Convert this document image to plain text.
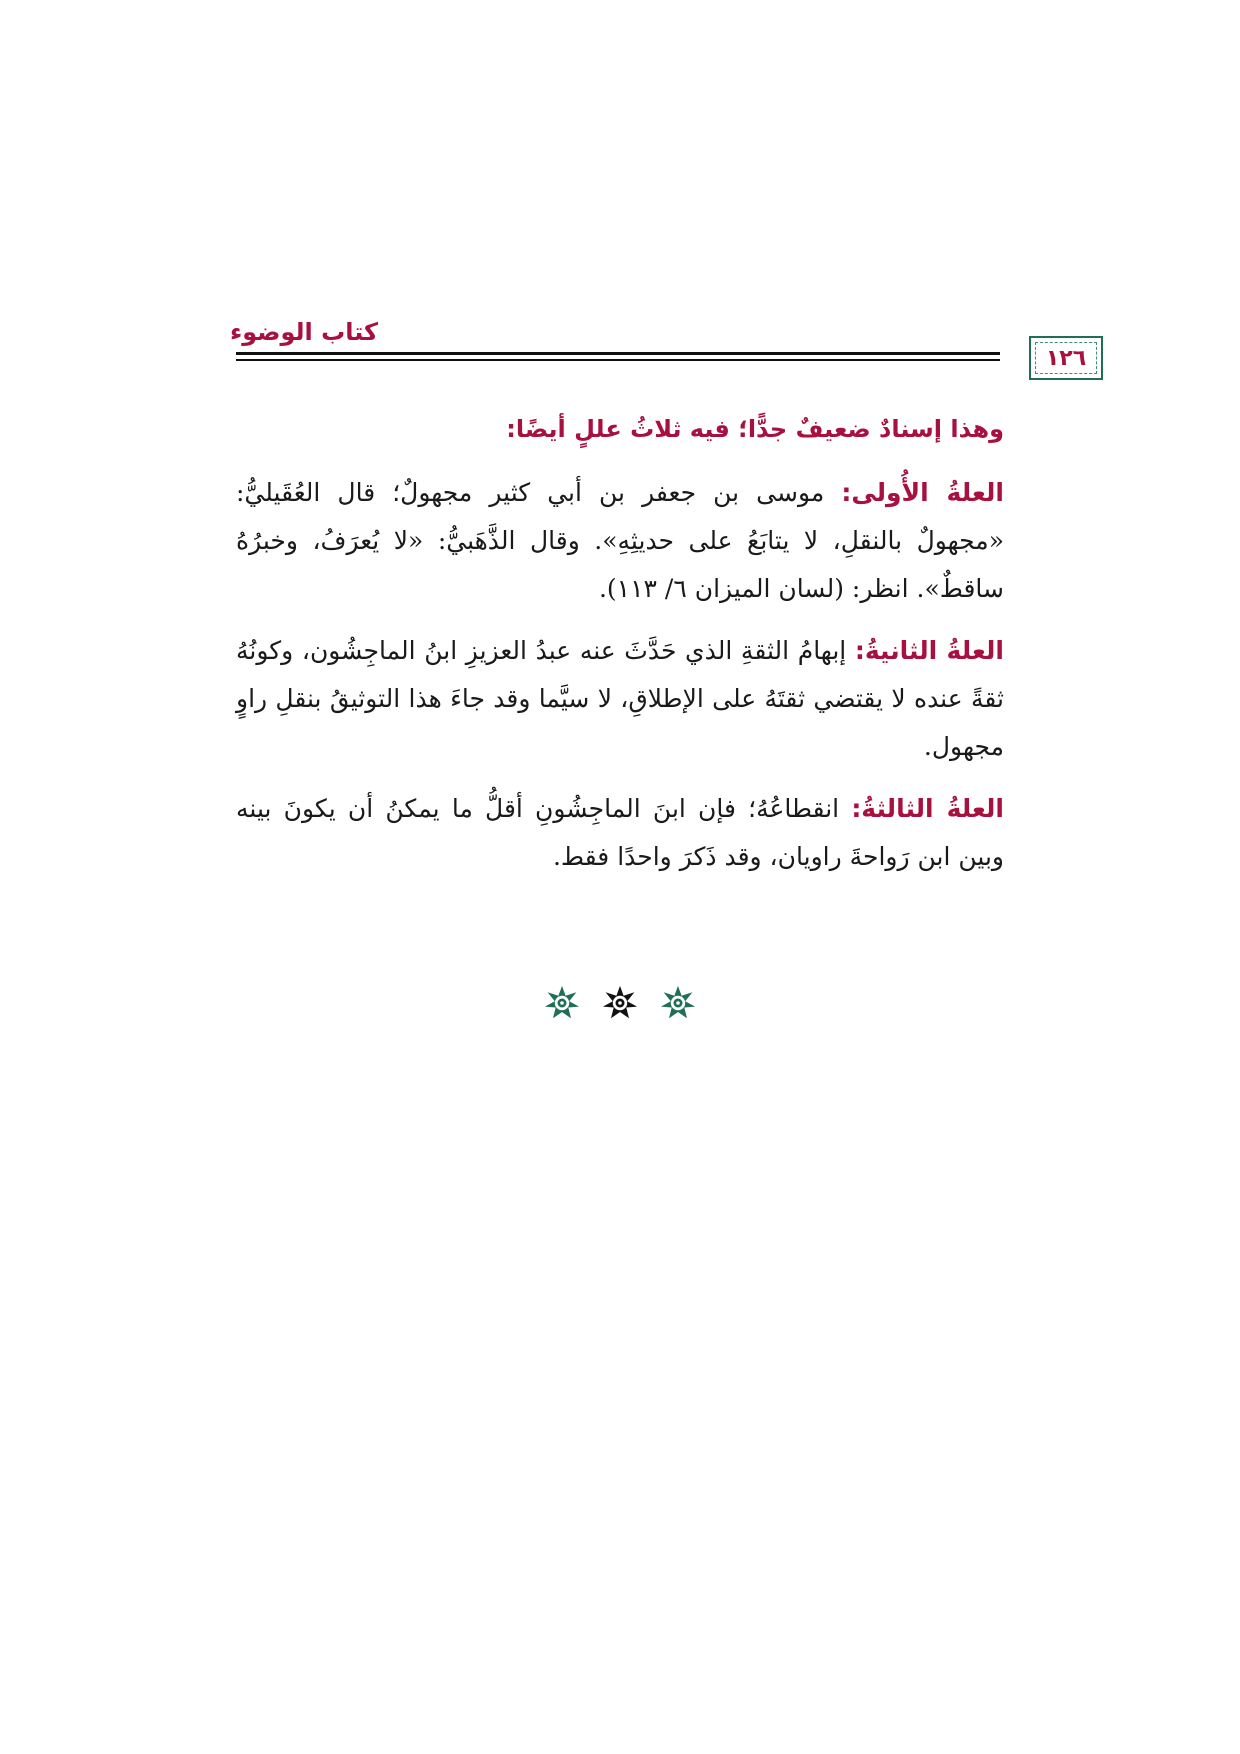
كتاب الوضوء
١٢٦

وهذا إسنادٌ ضعيفٌ جدًّا؛ فيه ثلاثُ عللٍ أيضًا:

العلةُ الأُولى: موسى بن جعفر بن أبي كثير مجهولٌ؛ قال العُقَيليُّ: «مجهولٌ بالنقلِ، لا يتابَعُ على حديثِهِ». وقال الذَّهَبيُّ: «لا يُعرَفُ، وخبرُهُ ساقطٌ». انظر: (لسان الميزان ٦/ ١١٣).

العلةُ الثانيةُ: إبهامُ الثقةِ الذي حَدَّثَ عنه عبدُ العزيزِ ابنُ الماجِشُون، وكونُهُ ثقةً عنده لا يقتضي ثقتَهُ على الإطلاقِ، لا سيَّما وقد جاءَ هذا التوثيقُ بنقلِ راوٍ مجهول.

العلةُ الثالثةُ: انقطاعُهُ؛ فإن ابنَ الماجِشُونِ أقلُّ ما يمكنُ أن يكونَ بينه وبين ابن رَواحةَ راويان، وقد ذَكرَ واحدًا فقط.
